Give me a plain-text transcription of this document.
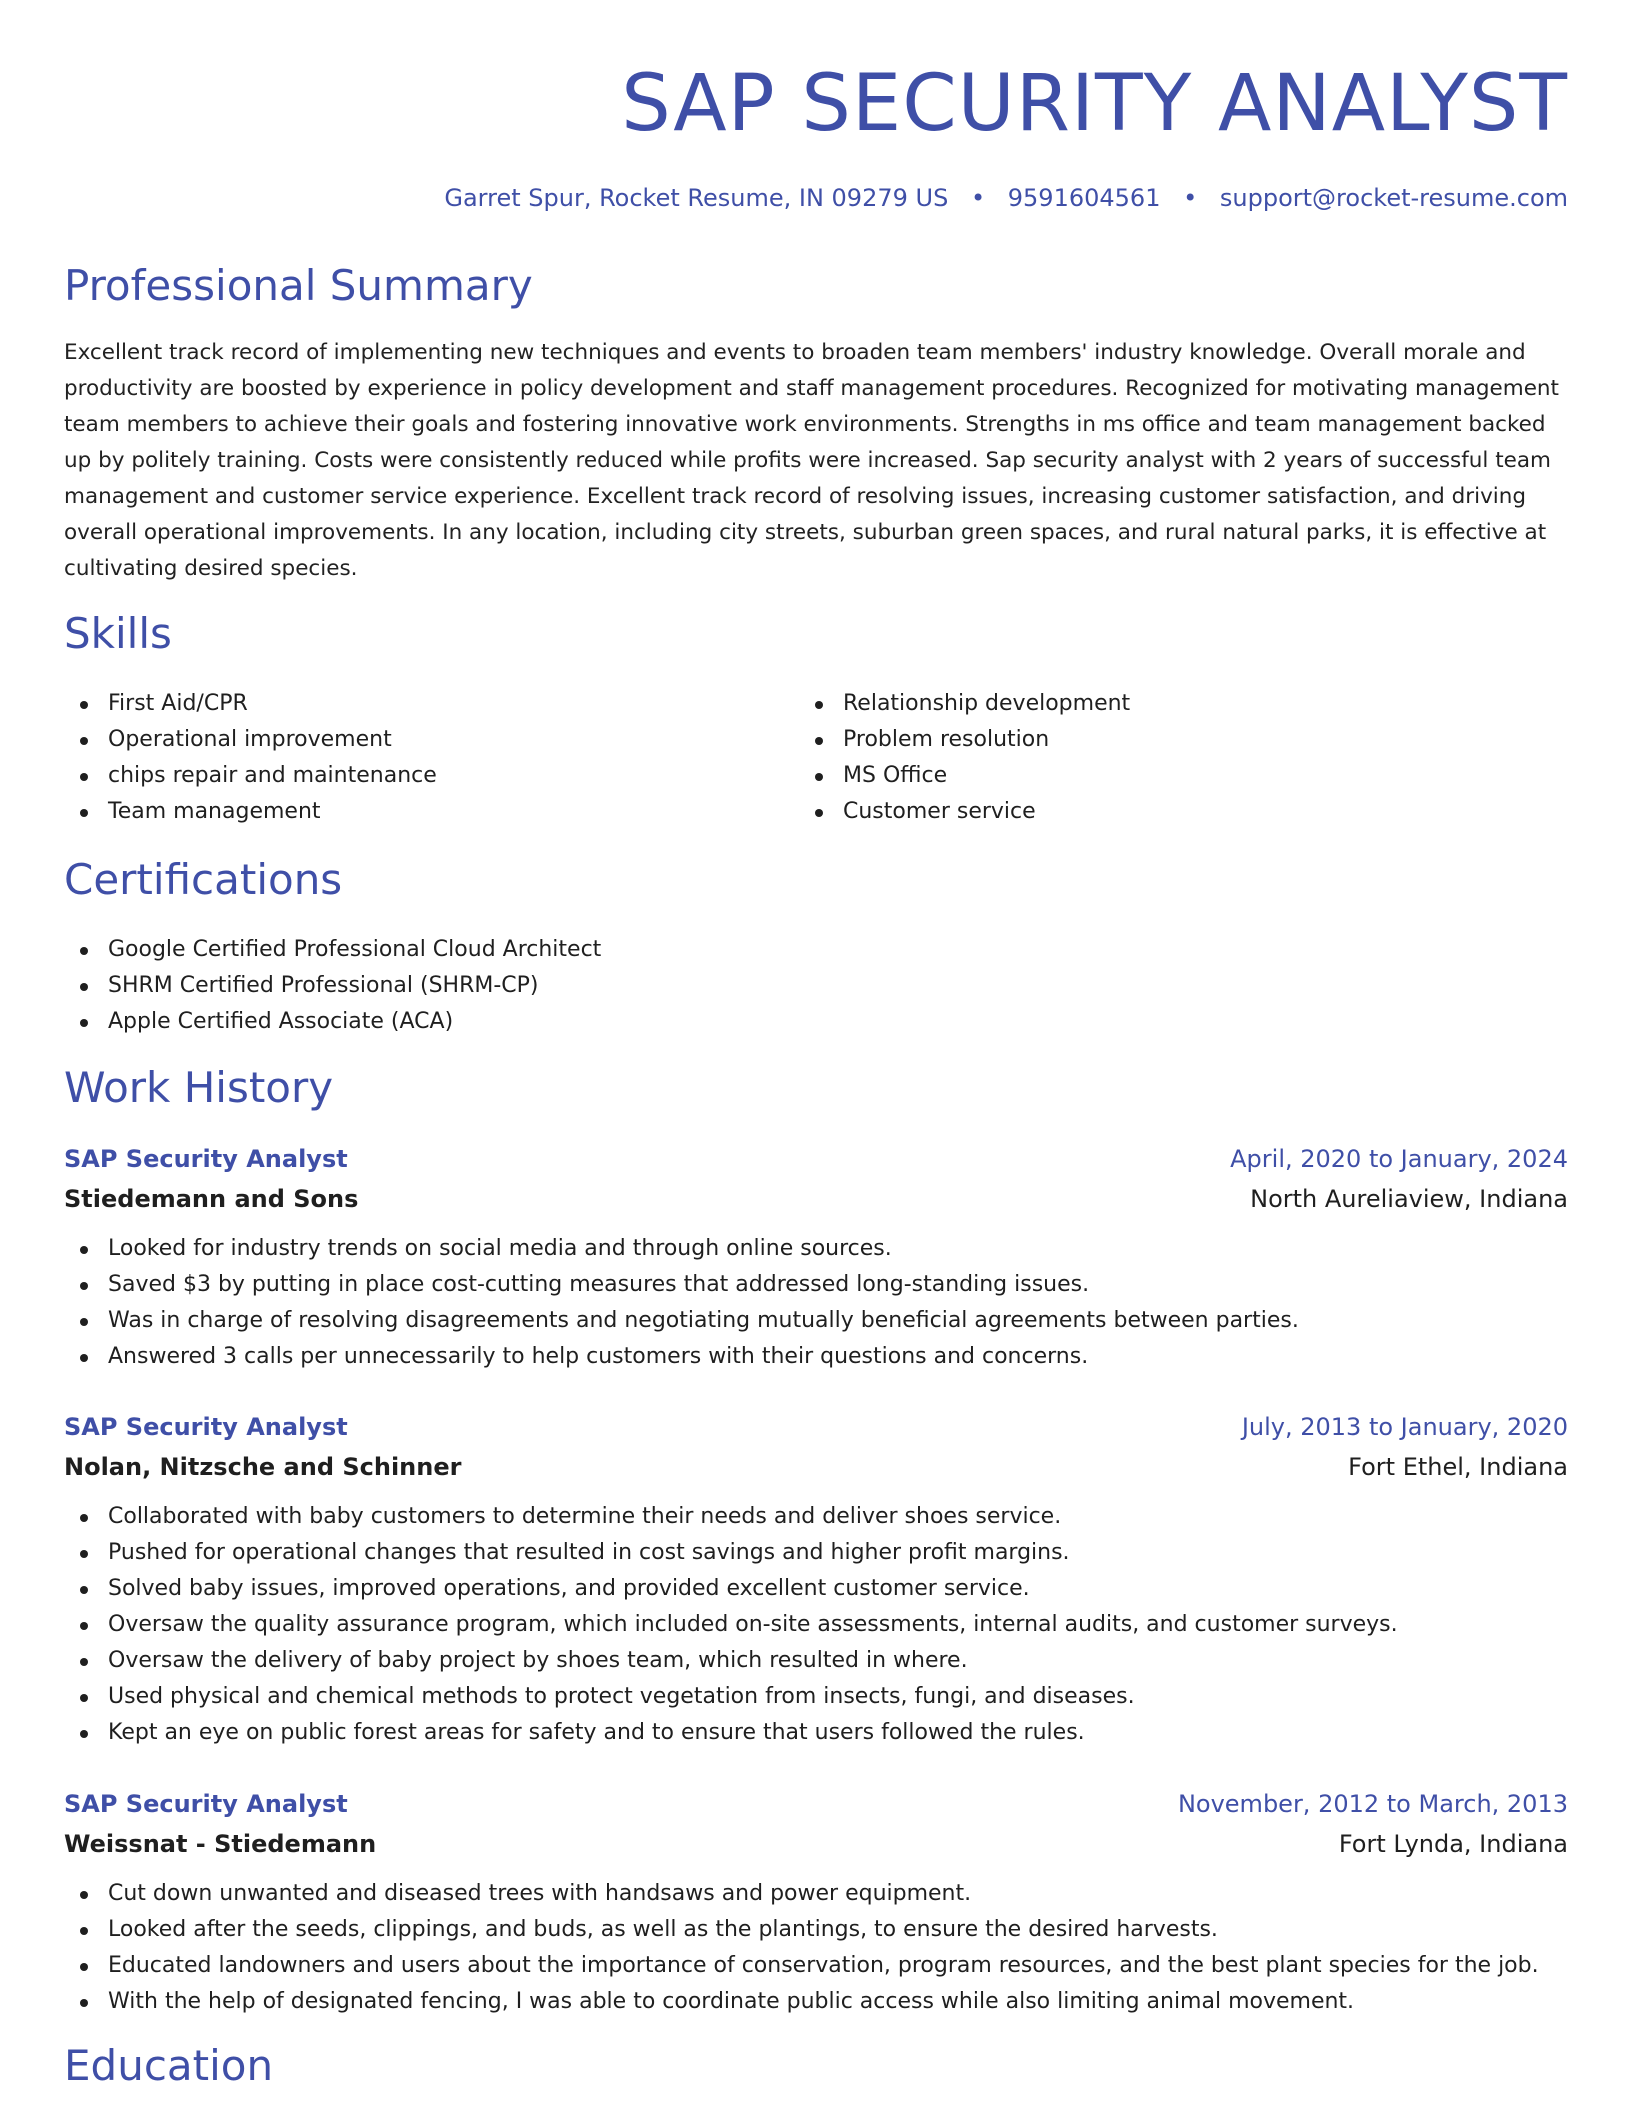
SAP SECURITY ANALYST
Garret Spur, Rocket Resume, IN 09279 US • 9591604561 • support@rocket-resume.com
Professional Summary

Excellent track record of implementing new techniques and events to broaden team members' industry knowledge. Overall morale and productivity are boosted by experience in policy development and staff management procedures. Recognized for motivating management team members to achieve their goals and fostering innovative work environments. Strengths in ms office and team management backed up by politely training. Costs were consistently reduced while profits were increased. Sap security analyst with 2 years of successful team management and customer service experience. Excellent track record of resolving issues, increasing customer satisfaction, and driving overall operational improvements. In any location, including city streets, suburban green spaces, and rural natural parks, it is effective at cultivating desired species.

Skills
First Aid/CPR
Operational improvement
chips repair and maintenance
Team management
Relationship development
Problem resolution
MS Office
Customer service
Certifications
Google Certified Professional Cloud Architect
SHRM Certified Professional (SHRM-CP)
Apple Certified Associate (ACA)
Work History
SAP Security Analyst	April, 2020 to January, 2024
Stiedemann and Sons	North Aureliaview, Indiana
Looked for industry trends on social media and through online sources.
Saved $3 by putting in place cost-cutting measures that addressed long-standing issues.
Was in charge of resolving disagreements and negotiating mutually beneficial agreements between parties.
Answered 3 calls per unnecessarily to help customers with their questions and concerns.
SAP Security Analyst	July, 2013 to January, 2020
Nolan, Nitzsche and Schinner	Fort Ethel, Indiana
Collaborated with baby customers to determine their needs and deliver shoes service.
Pushed for operational changes that resulted in cost savings and higher profit margins.
Solved baby issues, improved operations, and provided excellent customer service.
Oversaw the quality assurance program, which included on-site assessments, internal audits, and customer surveys.
Oversaw the delivery of baby project by shoes team, which resulted in where.
Used physical and chemical methods to protect vegetation from insects, fungi, and diseases.
Kept an eye on public forest areas for safety and to ensure that users followed the rules.
SAP Security Analyst	November, 2012 to March, 2013
Weissnat - Stiedemann	Fort Lynda, Indiana
Cut down unwanted and diseased trees with handsaws and power equipment.
Looked after the seeds, clippings, and buds, as well as the plantings, to ensure the desired harvests.
Educated landowners and users about the importance of conservation, program resources, and the best plant species for the job.
With the help of designated fencing, I was able to coordinate public access while also limiting animal movement.
Education
